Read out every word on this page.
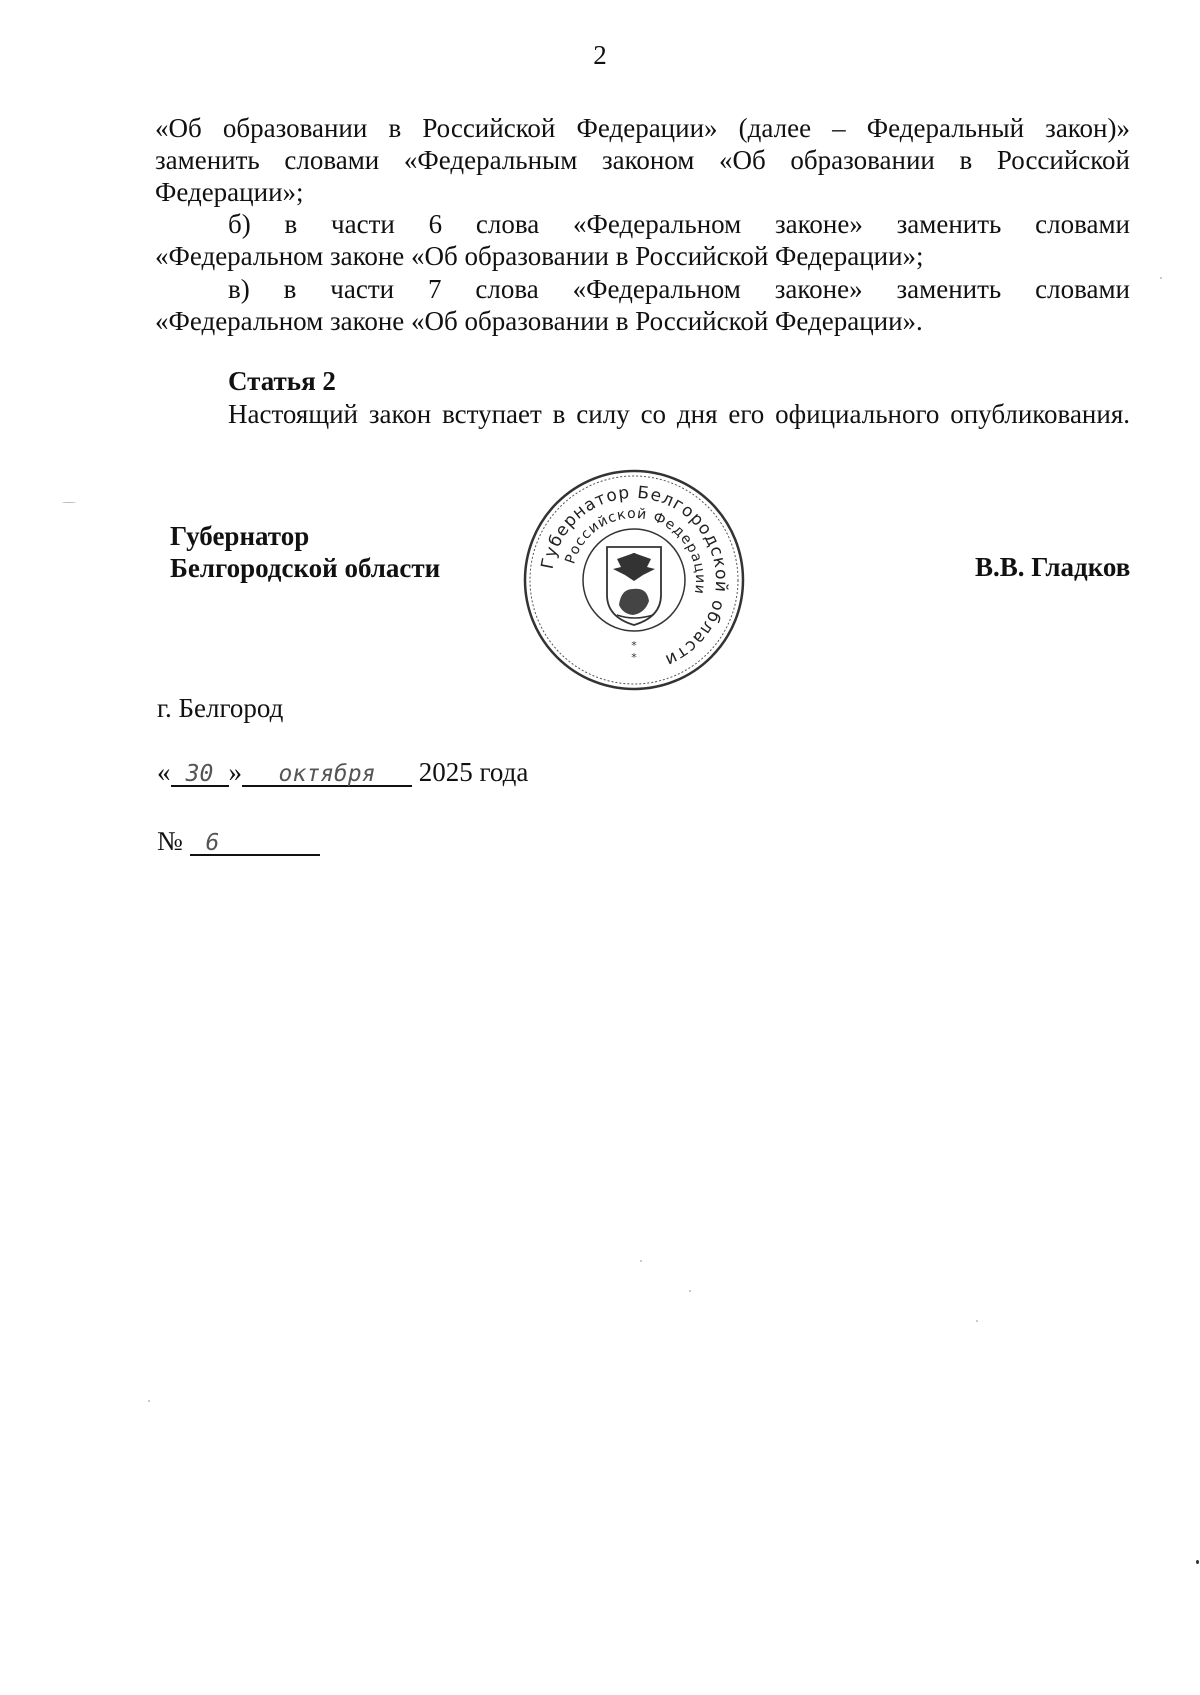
2
«Об образовании в Российской Федерации» (далее – Федеральный закон)»
заменить словами «Федеральным законом «Об образовании в Российской
Федерации»;
б) в части 6 слова «Федеральном законе» заменить словами
«Федеральном законе «Об образовании в Российской Федерации»;
в) в части 7 слова «Федеральном законе» заменить словами
«Федеральном законе «Об образовании в Российской Федерации».
Статья 2
Настоящий закон вступает в силу со дня его официального опубликования.
Губернатор
Белгородской области	Губернатор Белгородской области
Российской Федерации
*
*
В.В. Гладков
г. Белгород
« 30 » октября 2025 года
№ 6
